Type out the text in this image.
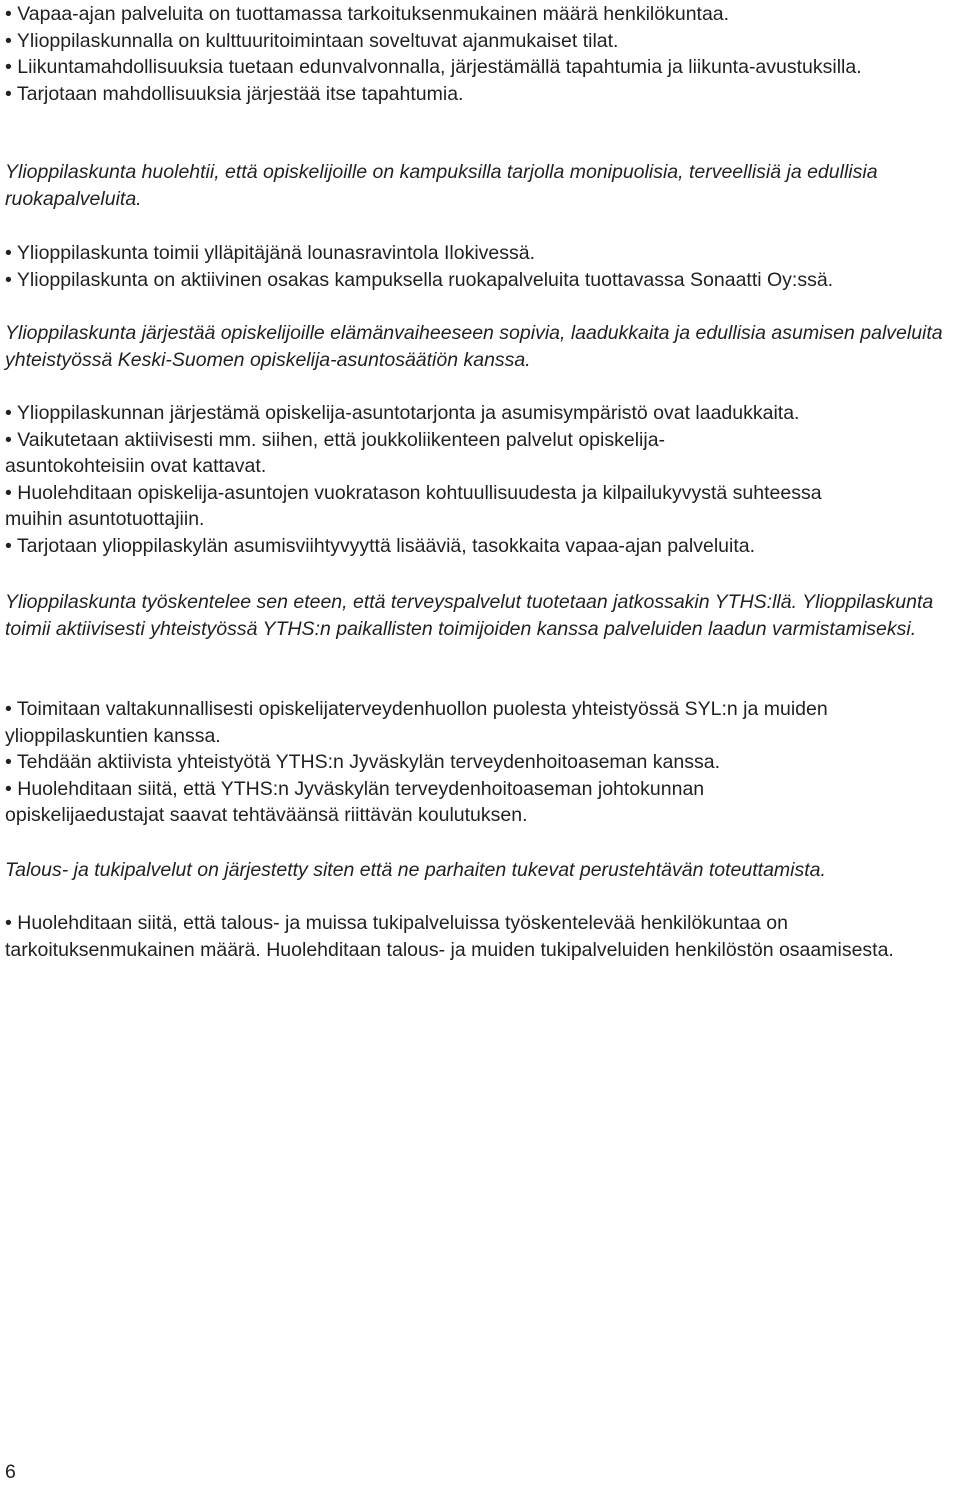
• Vapaa-ajan palveluita on tuottamassa tarkoituksenmukainen määrä henkilökuntaa.

• Ylioppilaskunnalla on kulttuuritoimintaan soveltuvat ajanmukaiset tilat.

• Liikuntamahdollisuuksia tuetaan edunvalvonnalla, järjestämällä tapahtumia ja liikunta-avustuksilla.

• Tarjotaan mahdollisuuksia järjestää itse tapahtumia.

Ylioppilaskunta huolehtii, että opiskelijoille on kampuksilla tarjolla monipuolisia, terveellisiä ja edullisia ruokapalveluita.

• Ylioppilaskunta toimii ylläpitäjänä lounasravintola Ilokivessä.

• Ylioppilaskunta on aktiivinen osakas kampuksella ruokapalveluita tuottavassa Sonaatti Oy:ssä.

Ylioppilaskunta järjestää opiskelijoille elämänvaiheeseen sopivia, laadukkaita ja edullisia asumisen palveluita yhteistyössä Keski-Suomen opiskelija-asuntosäätiön kanssa.

• Ylioppilaskunnan järjestämä opiskelija-asuntotarjonta ja asumisympäristö ovat laadukkaita.

• Vaikutetaan aktiivisesti mm. siihen, että joukkoliikenteen palvelut opiskelija-asuntokohteisiin ovat kattavat.

• Huolehditaan opiskelija-asuntojen vuokratason kohtuullisuudesta ja kilpailukyvystä suhteessa muihin asuntotuottajiin.

• Tarjotaan ylioppilaskylän asumisviihtyvyyttä lisääviä, tasokkaita vapaa-ajan palveluita.

Ylioppilaskunta työskentelee sen eteen, että terveyspalvelut tuotetaan jatkossakin YTHS:llä. Ylioppilaskunta toimii aktiivisesti yhteistyössä YTHS:n paikallisten toimijoiden kanssa palveluiden laadun varmistamiseksi.

• Toimitaan valtakunnallisesti opiskelijaterveydenhuollon puolesta yhteistyössä SYL:n ja muiden ylioppilaskuntien kanssa.

• Tehdään aktiivista yhteistyötä YTHS:n Jyväskylän terveydenhoitoaseman kanssa.

• Huolehditaan siitä, että YTHS:n Jyväskylän terveydenhoitoaseman johtokunnan opiskelijaedustajat saavat tehtäväänsä riittävän koulutuksen.

Talous- ja tukipalvelut on järjestetty siten että ne parhaiten tukevat perustehtävän toteuttamista.

• Huolehditaan siitä, että talous- ja muissa tukipalveluissa työskentelevää henkilökuntaa on tarkoituksenmukainen määrä. Huolehditaan talous- ja muiden tukipalveluiden henkilöstön osaamisesta.

6
